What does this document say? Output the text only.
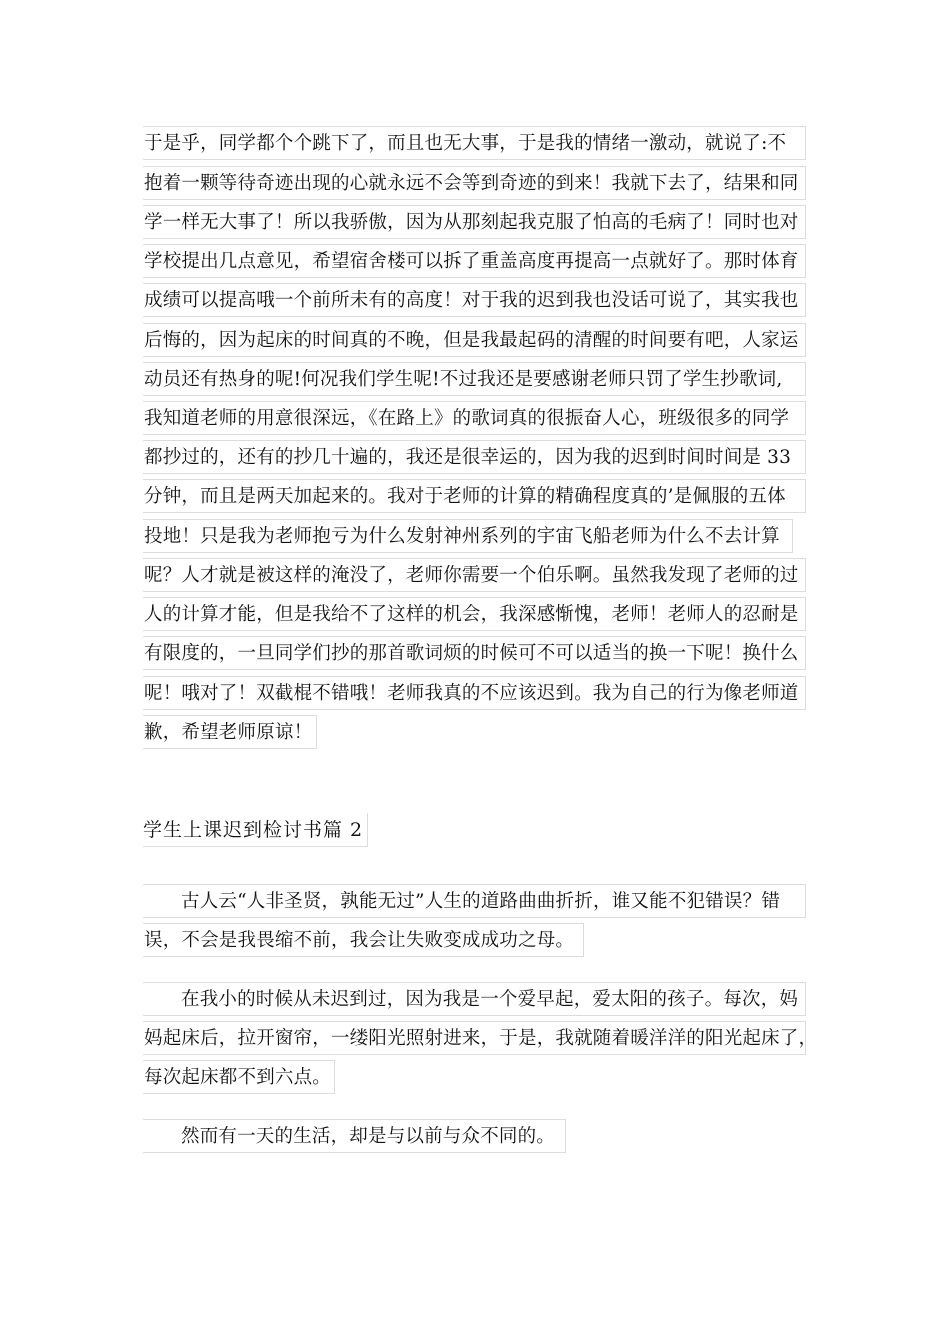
于是乎，同学都个个跳下了，而且也无大事，于是我的情绪一激动，就说了:不
抱着一颗等待奇迹出现的心就永远不会等到奇迹的到来！我就下去了，结果和同
学一样无大事了！所以我骄傲，因为从那刻起我克服了怕高的毛病了！同时也对
学校提出几点意见，希望宿舍楼可以拆了重盖高度再提高一点就好了。那时体育
成绩可以提高哦一个前所未有的高度！对于我的迟到我也没话可说了，其实我也
后悔的，因为起床的时间真的不晚，但是我最起码的清醒的时间要有吧，人家运
动员还有热身的呢!何况我们学生呢!不过我还是要感谢老师只罚了学生抄歌词,
我知道老师的用意很深远，《在路上》的歌词真的很振奋人心，班级很多的同学
都抄过的，还有的抄几十遍的，我还是很幸运的，因为我的迟到时间时间是 33
分钟，而且是两天加起来的。我对于老师的计算的精确程度真的’是佩服的五体
投地！只是我为老师抱亏为什么发射神州系列的宇宙飞船老师为什么不去计算
呢？人才就是被这样的淹没了，老师你需要一个伯乐啊。虽然我发现了老师的过
人的计算才能，但是我给不了这样的机会，我深感惭愧，老师！老师人的忍耐是
有限度的，一旦同学们抄的那首歌词烦的时候可不可以适当的换一下呢！换什么
呢！哦对了！双截棍不错哦！老师我真的不应该迟到。我为自己的行为像老师道
歉，希望老师原谅！
学生上课迟到检讨书篇 2
古人云“人非圣贤，孰能无过”人生的道路曲曲折折，谁又能不犯错误？错
误，不会是我畏缩不前，我会让失败变成成功之母。
在我小的时候从未迟到过，因为我是一个爱早起，爱太阳的孩子。每次，妈
妈起床后，拉开窗帘，一缕阳光照射进来，于是，我就随着暖洋洋的阳光起床了，
每次起床都不到六点。
然而有一天的生活，却是与以前与众不同的。
